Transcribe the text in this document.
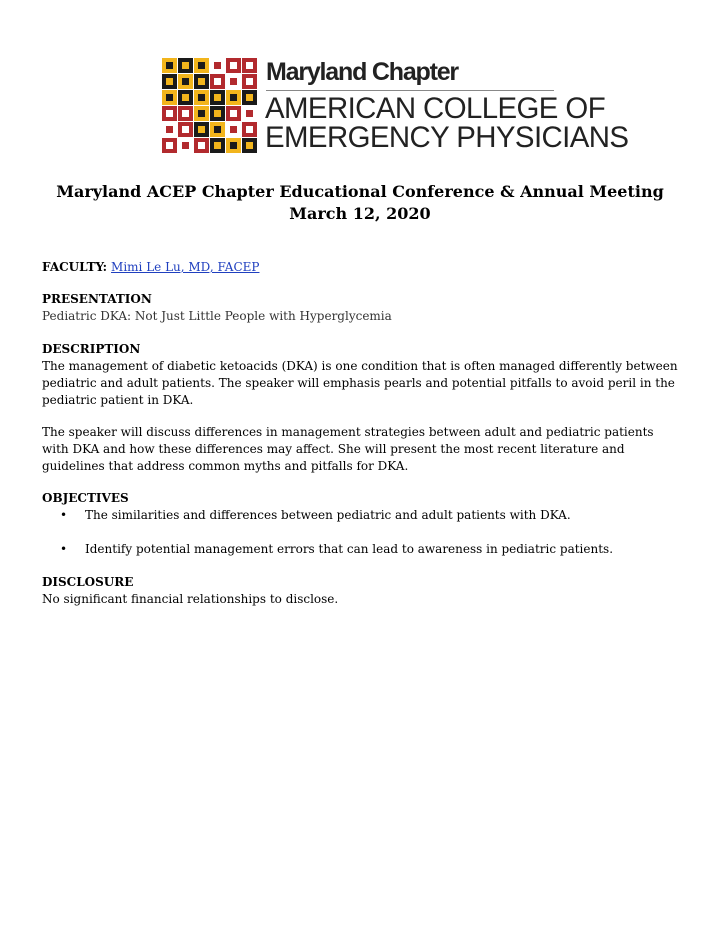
Maryland Chapter
AMERICAN COLLEGE OF
EMERGENCY PHYSICIANS
Maryland ACEP Chapter Educational Conference & Annual Meeting
March 12, 2020
FACULTY: Mimi Le Lu, MD, FACEP
PRESENTATION
Pediatric DKA: Not Just Little People with Hyperglycemia
DESCRIPTION
The management of diabetic ketoacids (DKA) is one condition that is often managed differently between pediatric and adult patients. The speaker will emphasis pearls and potential pitfalls to avoid peril in the pediatric patient in DKA.
The speaker will discuss differences in management strategies between adult and pediatric patients with DKA and how these differences may affect. She will present the most recent literature and guidelines that address common myths and pitfalls for DKA.
OBJECTIVES
• The similarities and differences between pediatric and adult patients with DKA.
• Identify potential management errors that can lead to awareness in pediatric patients.
DISCLOSURE
No significant financial relationships to disclose.
